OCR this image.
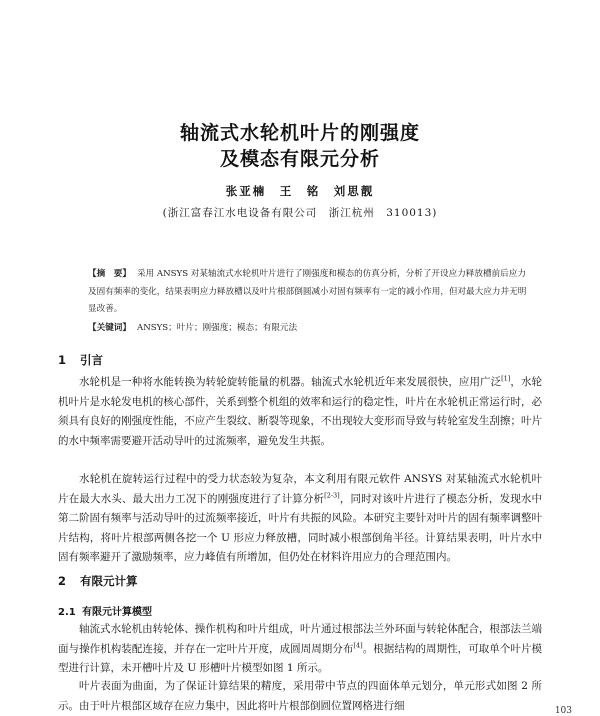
轴流式水轮机叶片的刚强度
及模态有限元分析
张亚楠　王　铭　刘思靓
(浙江富春江水电设备有限公司　浙江杭州　310013)
【摘　要】 采用 ANSYS 对某轴流式水轮机叶片进行了刚强度和模态的仿真分析，分析了开设应力释放槽前后应力及固有频率的变化，结果表明应力释放槽以及叶片根部倒圆减小对固有频率有一定的减小作用，但对最大应力并无明显改善。
【关键词】 ANSYS；叶片；刚强度；模态；有限元法
1 引言

水轮机是一种将水能转换为转轮旋转能量的机器。轴流式水轮机近年来发展很快，应用广泛[1]，水轮机叶片是水轮发电机的核心部件，关系到整个机组的效率和运行的稳定性，叶片在水轮机正常运行时，必须具有良好的刚强度性能，不应产生裂纹、断裂等现象，不出现较大变形而导致与转轮室发生刮擦；叶片的水中频率需要避开活动导叶的过流频率，避免发生共振。

水轮机在旋转运行过程中的受力状态较为复杂，本文利用有限元软件 ANSYS 对某轴流式水轮机叶片在最大水头、最大出力工况下的刚强度进行了计算分析[2-3]，同时对该叶片进行了模态分析，发现水中第二阶固有频率与活动导叶的过流频率接近，叶片有共振的风险。本研究主要针对叶片的固有频率调整叶片结构，将叶片根部两侧各挖一个 U 形应力释放槽，同时减小根部倒角半径。计算结果表明，叶片水中固有频率避开了激励频率，应力峰值有所增加，但仍处在材料许用应力的合理范围内。

2 有限元计算
2.1 有限元计算模型

轴流式水轮机由转轮体、操作机构和叶片组成，叶片通过根部法兰外环面与转轮体配合，根部法兰端面与操作机构装配连接，并存在一定叶片开度，成圆周周期分布[4]。根据结构的周期性，可取单个叶片模型进行计算，未开槽叶片及 U 形槽叶片模型如图 1 所示。

叶片表面为曲面，为了保证计算结果的精度，采用带中节点的四面体单元划分，单元形式如图 2 所示。由于叶片根部区域存在应力集中，因此将叶片根部倒圆位置网格进行细	103
